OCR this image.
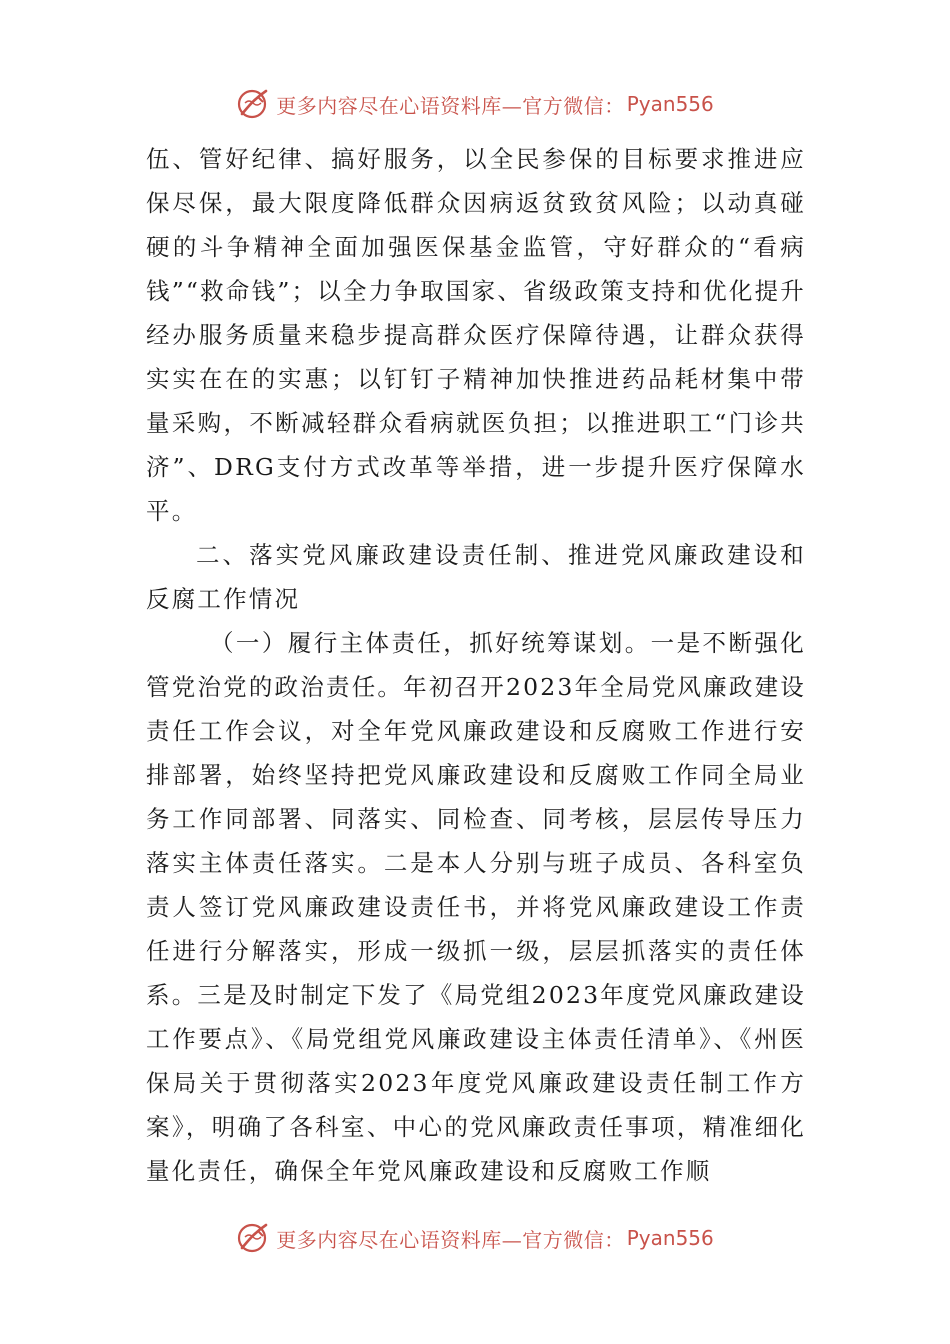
更多内容尽在心语资料库—官方微信： Pyan556

伍、管好纪律、搞好服务，以全民参保的目标要求推进应保尽保，最大限度降低群众因病返贫致贫风险；以动真碰硬的斗争精神全面加强医保基金监管，守好群众的“看病钱”“救命钱”；以全力争取国家、省级政策支持和优化提升经办服务质量来稳步提高群众医疗保障待遇，让群众获得实实在在的实惠；以钉钉子精神加快推进药品耗材集中带量采购，不断减轻群众看病就医负担；以推进职工“门诊共济”、DRG支付方式改革等举措，进一步提升医疗保障水平。

二、落实党风廉政建设责任制、推进党风廉政建设和反腐工作情况

（一）履行主体责任，抓好统筹谋划。一是不断强化管党治党的政治责任。年初召开2023年全局党风廉政建设责任工作会议，对全年党风廉政建设和反腐败工作进行安排部署，始终坚持把党风廉政建设和反腐败工作同全局业务工作同部署、同落实、同检查、同考核，层层传导压力落实主体责任落实。二是本人分别与班子成员、各科室负责人签订党风廉政建设责任书，并将党风廉政建设工作责任进行分解落实，形成一级抓一级，层层抓落实的责任体系。三是及时制定下发了《局党组2023年度党风廉政建设工作要点》、《局党组党风廉政建设主体责任清单》、《州医保局关于贯彻落实2023年度党风廉政建设责任制工作方案》，明确了各科室、中心的党风廉政责任事项，精准细化量化责任，确保全年党风廉政建设和反腐败工作顺

更多内容尽在心语资料库—官方微信： Pyan556
